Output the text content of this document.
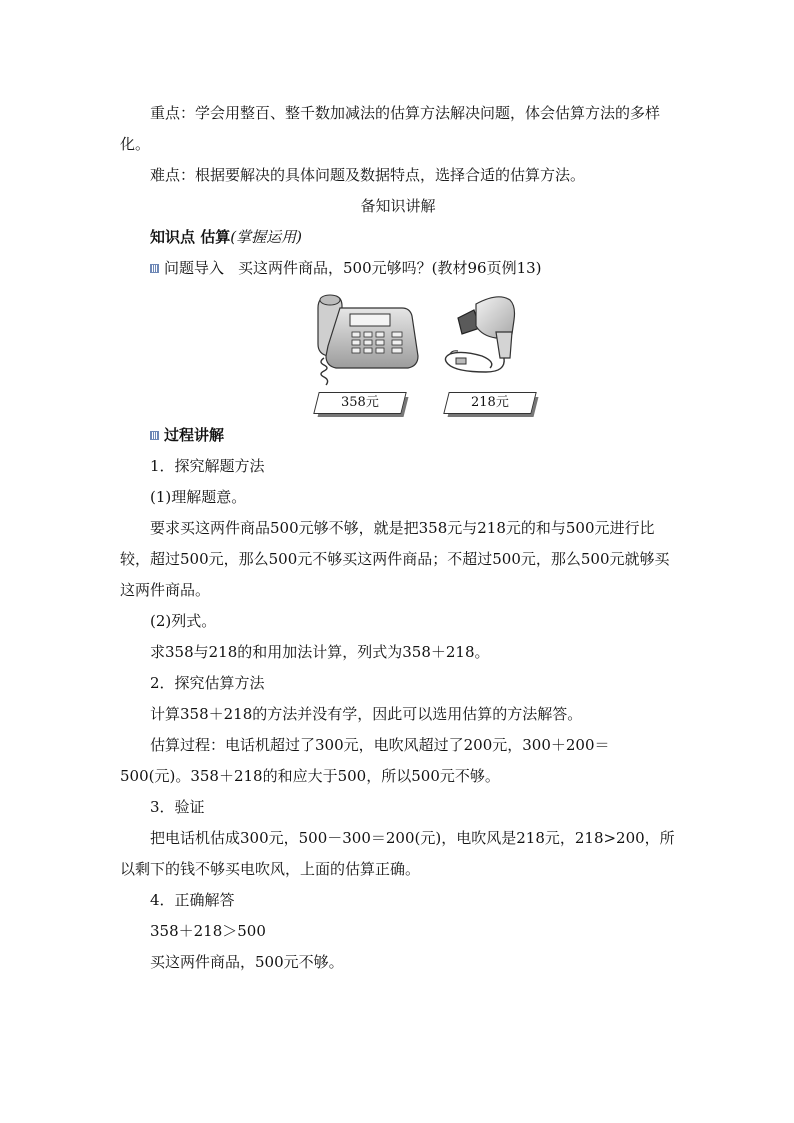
重点：学会用整百、整千数加减法的估算方法解决问题，体会估算方法的多样化。

难点：根据要解决的具体问题及数据特点，选择合适的估算方法。

备知识讲解

知识点 估算(掌握运用)

问题导入 买这两件商品，500元够吗？(教材96页例13)

358元	218元

过程讲解

1．探究解题方法

(1)理解题意。

要求买这两件商品500元够不够，就是把358元与218元的和与500元进行比较，超过500元，那么500元不够买这两件商品；不超过500元，那么500元就够买这两件商品。

(2)列式。

求358与218的和用加法计算，列式为358＋218。

2．探究估算方法

计算358＋218的方法并没有学，因此可以选用估算的方法解答。

估算过程：电话机超过了300元，电吹风超过了200元，300＋200＝500(元)。358＋218的和应大于500，所以500元不够。

3．验证

把电话机估成300元，500－300＝200(元)，电吹风是218元，218>200，所以剩下的钱不够买电吹风，上面的估算正确。

4．正确解答

358＋218＞500

买这两件商品，500元不够。
